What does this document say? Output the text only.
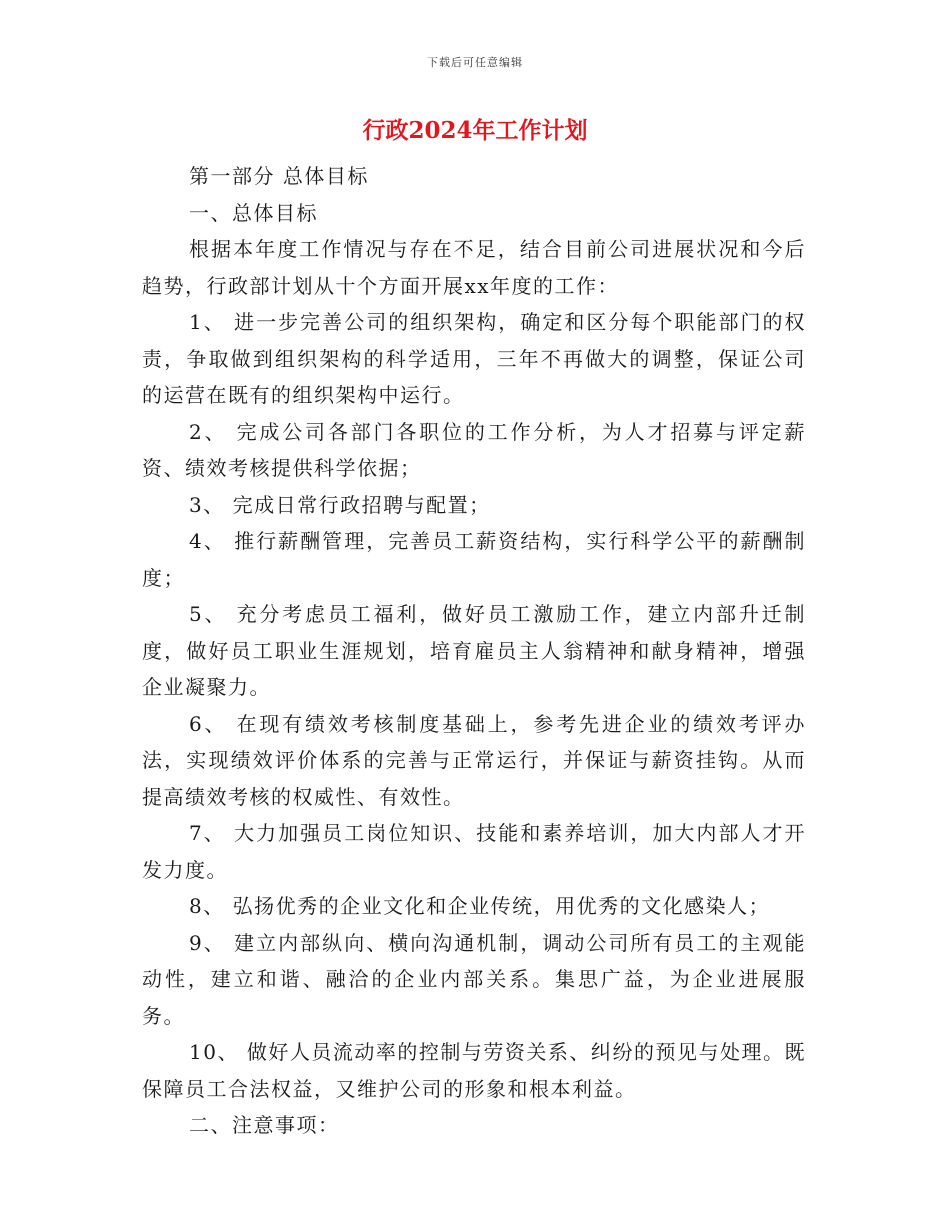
下载后可任意编辑
行政2024年工作计划

第一部分 总体目标

一、总体目标

根据本年度工作情况与存在不足，结合目前公司进展状况和今后趋势，行政部计划从十个方面开展xx年度的工作：

1、 进一步完善公司的组织架构，确定和区分每个职能部门的权责，争取做到组织架构的科学适用，三年不再做大的调整，保证公司的运营在既有的组织架构中运行。

2、 完成公司各部门各职位的工作分析，为人才招募与评定薪资、绩效考核提供科学依据；

3、 完成日常行政招聘与配置；

4、 推行薪酬管理，完善员工薪资结构，实行科学公平的薪酬制度；

5、 充分考虑员工福利，做好员工激励工作，建立内部升迁制度，做好员工职业生涯规划，培育雇员主人翁精神和献身精神，增强企业凝聚力。

6、 在现有绩效考核制度基础上，参考先进企业的绩效考评办法，实现绩效评价体系的完善与正常运行，并保证与薪资挂钩。从而提高绩效考核的权威性、有效性。

7、 大力加强员工岗位知识、技能和素养培训，加大内部人才开发力度。

8、 弘扬优秀的企业文化和企业传统，用优秀的文化感染人；

9、 建立内部纵向、横向沟通机制，调动公司所有员工的主观能动性，建立和谐、融洽的企业内部关系。集思广益，为企业进展服务。

10、 做好人员流动率的控制与劳资关系、纠纷的预见与处理。既保障员工合法权益，又维护公司的形象和根本利益。

二、注意事项：
